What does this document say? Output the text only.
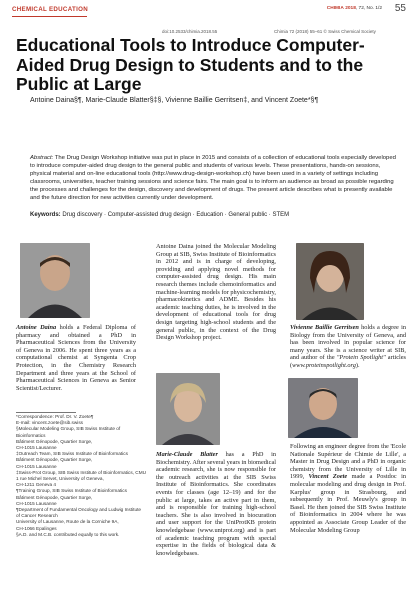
CHEMICAL EDUCATION	CHIMIA 2018, 72, No. 1/2 55
doi:10.2533/chimia.2018.55	Chimia 72 (2018) 55–61 © Swiss Chemical Society
Educational Tools to Introduce Computer-Aided Drug Design to Students and to the Public at Large
Antoine Daina§¶, Marie-Claude Blatter§‡§, Vivienne Baillie Gerritsen‡, and Vincent Zoete*§¶
Abstract: The Drug Design Workshop initiative was put in place in 2015 and consists of a collection of educational tools especially developed to introduce computer-aided drug design to the general public and students of various levels. These presentations, hands-on sessions, physical material and on-line educational tools (http://www.drug-design-workshop.ch) have been used in a variety of settings including classrooms, universities, teacher training sessions and science fairs. The main goal is to inform an audience as broad as possible regarding the processes and challenges for the design, discovery and development of drugs. The present article describes what is presently available and the future direction for new activities currently under development.
Keywords: Drug discovery · Computer-assisted drug design · Education · General public · STEM
Antoine Daina holds a Federal Diploma of pharmacy and obtained a PhD in Pharmaceutical Sciences from the University of Geneva in 2006. He spent three years as a computational chemist at Syngenta Crop Protection, in the Chemistry Research Department and three years at the School of Pharmaceutical Sciences in Geneva as Senior Scientist/Lecturer.
*Correspondence: Prof. Dr. V. Zoete¶
E-mail: vincent.zoete@sib.swiss
§Molecular Modeling Group, SIB Swiss Institute of Bioinformatics
Bâtiment Génopode, Quartier Sorge,
CH-1015 Lausanne
‡Outreach Team, SIB Swiss Institute of Bioinformatics
Bâtiment Génopode, Quartier Sorge,
CH-1015 Lausanne
‡Swiss-Prot Group, SIB Swiss Institute of Bioinformatics, CMU
1 rue Michel Servet, University of Geneva,
CH-1211 Geneva 4
¶Training Group, SIB Swiss Institute of Bioinformatics
Bâtiment Génopode, Quartier Sorge,
CH-1015 Lausanne
¶Department of Fundamental Oncology and Ludwig Institute of Cancer Research
University of Lausanne, Route de la Corniche 9A,
CH-1066 Epalinges
§A.D. and M.C.B. contributed equally to this work.
Antoine Daina joined the Molecular Modeling Group at SIB, Swiss Institute of Bioinformatics in 2012 and is in charge of developing, providing and applying novel methods for computer-assisted drug design. His main research themes include chemoinformatics and machine-learning models for physicochemistry, pharmacokinetics and ADME. Besides his academic teaching duties, he is involved in the development of educational tools for drug design targeting high-school students and the general public, in the context of the Drug Design Workshop project.
Marie-Claude Blatter has a PhD in Biochemistry. After several years in biomedical academic research, she is now responsible for the outreach activities at the SIB Swiss Institute of Bioinformatics. She coordinates events for classes (age 12–19) and for the public at large, takes an active part in them, and is responsible for training high-school teachers. She is also involved in biocuration and user support for the UniProtKB protein knowledgebase (www.uniprot.org) and is part of academic teaching program with special expertise in the fields of biological data & knowledgebases.
Vivienne Baillie Gerritsen holds a degree in Biology from the University of Geneva, and has been involved in popular science for many years. She is a science writer at SIB, and author of the "Protein Spotlight" articles (www.proteinspotlight.org).
Following an engineer degree from the 'Ecole Nationale Supérieur de Chimie de Lille', a Master in Drug Design and a PhD in organic chemistry from the University of Lille in 1999, Vincent Zoete made a Postdoc in molecular modeling and drug design in Prof. Karplus' group in Strasbourg, and subsequently in Prof. Meuwly's group in Basel. He then joined the SIB Swiss Institute of Bioinformatics in 2004 where he was appointed as Associate Group Leader of the Molecular Modeling Group
